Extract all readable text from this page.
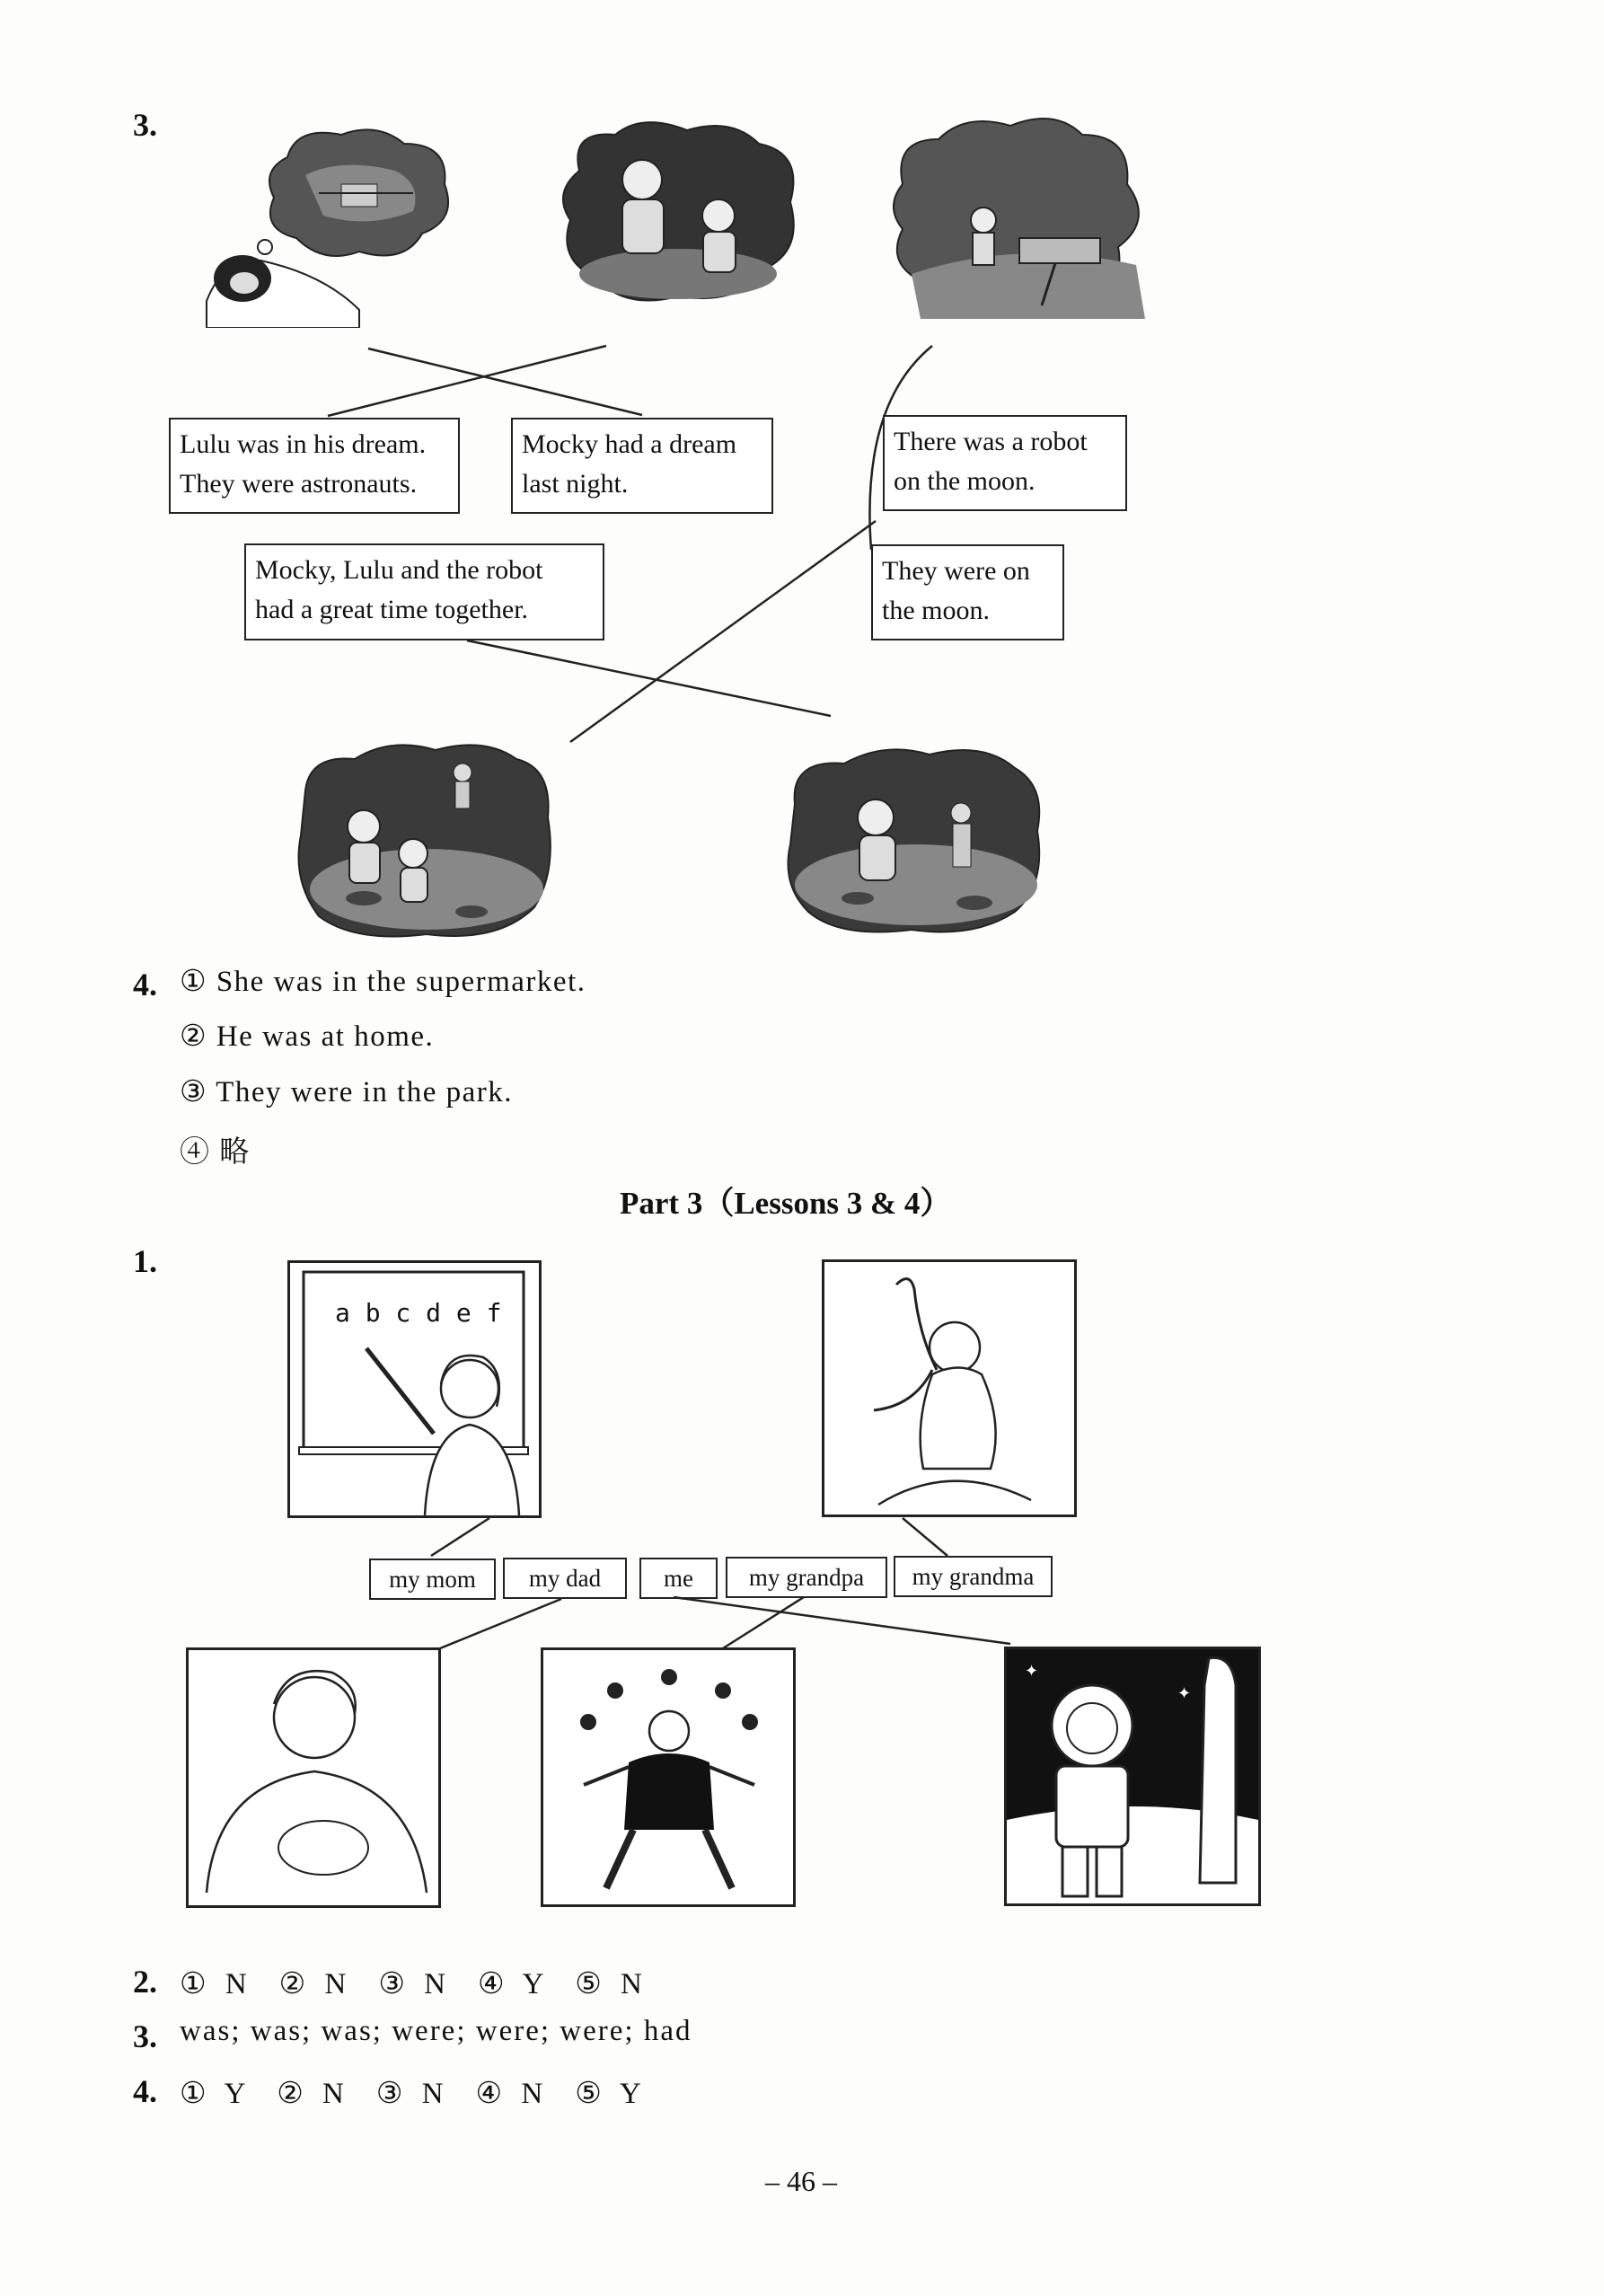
3.
Lulu was in his dream.
They were astronauts.
Mocky had a dream
last night.
There was a robot
on the moon.
Mocky, Lulu and the robot
had a great time together.
They were on
the moon.
4. ① She was in the supermarket.
② He was at home.
③ They were in the park.
④ 略
Part 3（Lessons 3 & 4）
1.
a b c d e f
my mom	my dad	me	my grandpa	my grandma
✦
✦
2. ① N　② N　③ N　④ Y　⑤ N
3. was; was; was; were; were; were; had
4. ① Y　② N　③ N　④ N　⑤ Y
– 46 –
